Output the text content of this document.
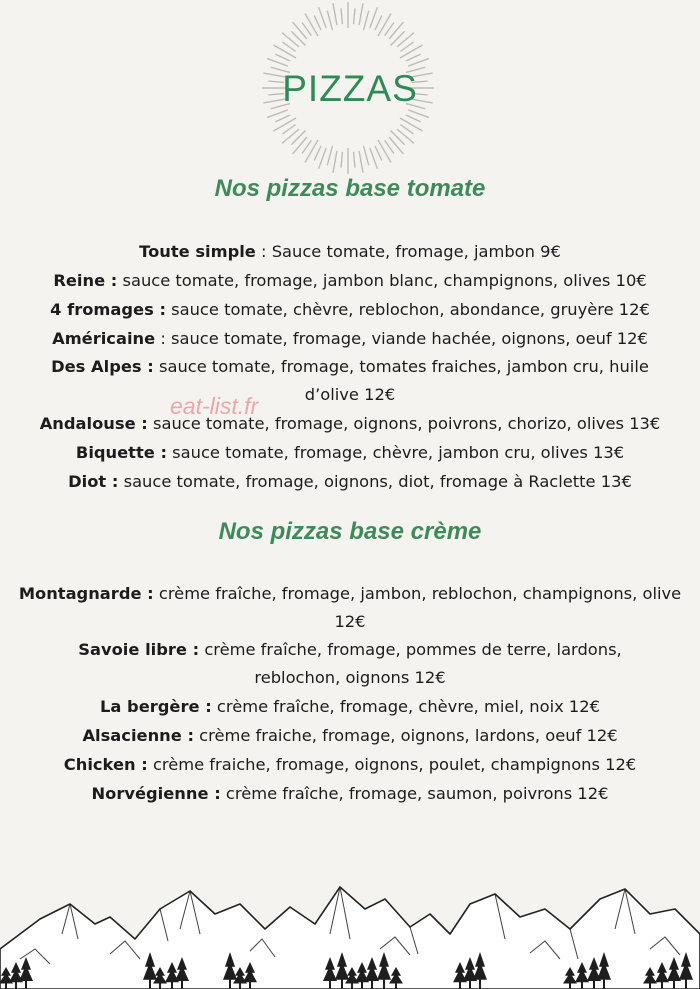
PIZZAS
Nos pizzas base tomate
Toute simple : Sauce tomate, fromage, jambon 9€
Reine : sauce tomate, fromage, jambon blanc, champignons, olives 10€
4 fromages : sauce tomate, chèvre, reblochon, abondance, gruyère 12€
Américaine : sauce tomate, fromage, viande hachée, oignons, oeuf 12€
Des Alpes : sauce tomate, fromage, tomates fraiches, jambon cru, huile d’olive 12€
Andalouse : sauce tomate, fromage, oignons, poivrons, chorizo, olives 13€
Biquette : sauce tomate, fromage, chèvre, jambon cru, olives 13€
Diot : sauce tomate, fromage, oignons, diot, fromage à Raclette 13€
Nos pizzas base crème
Montagnarde : crème fraîche, fromage, jambon, reblochon, champignons, olive 12€
Savoie libre : crème fraîche, fromage, pommes de terre, lardons, reblochon, oignons 12€
La bergère : crème fraîche, fromage, chèvre, miel, noix 12€
Alsacienne : crème fraiche, fromage, oignons, lardons, oeuf 12€
Chicken : crème fraiche, fromage, oignons, poulet, champignons 12€
Norvégienne : crème fraîche, fromage, saumon, poivrons 12€
eat-list.fr
